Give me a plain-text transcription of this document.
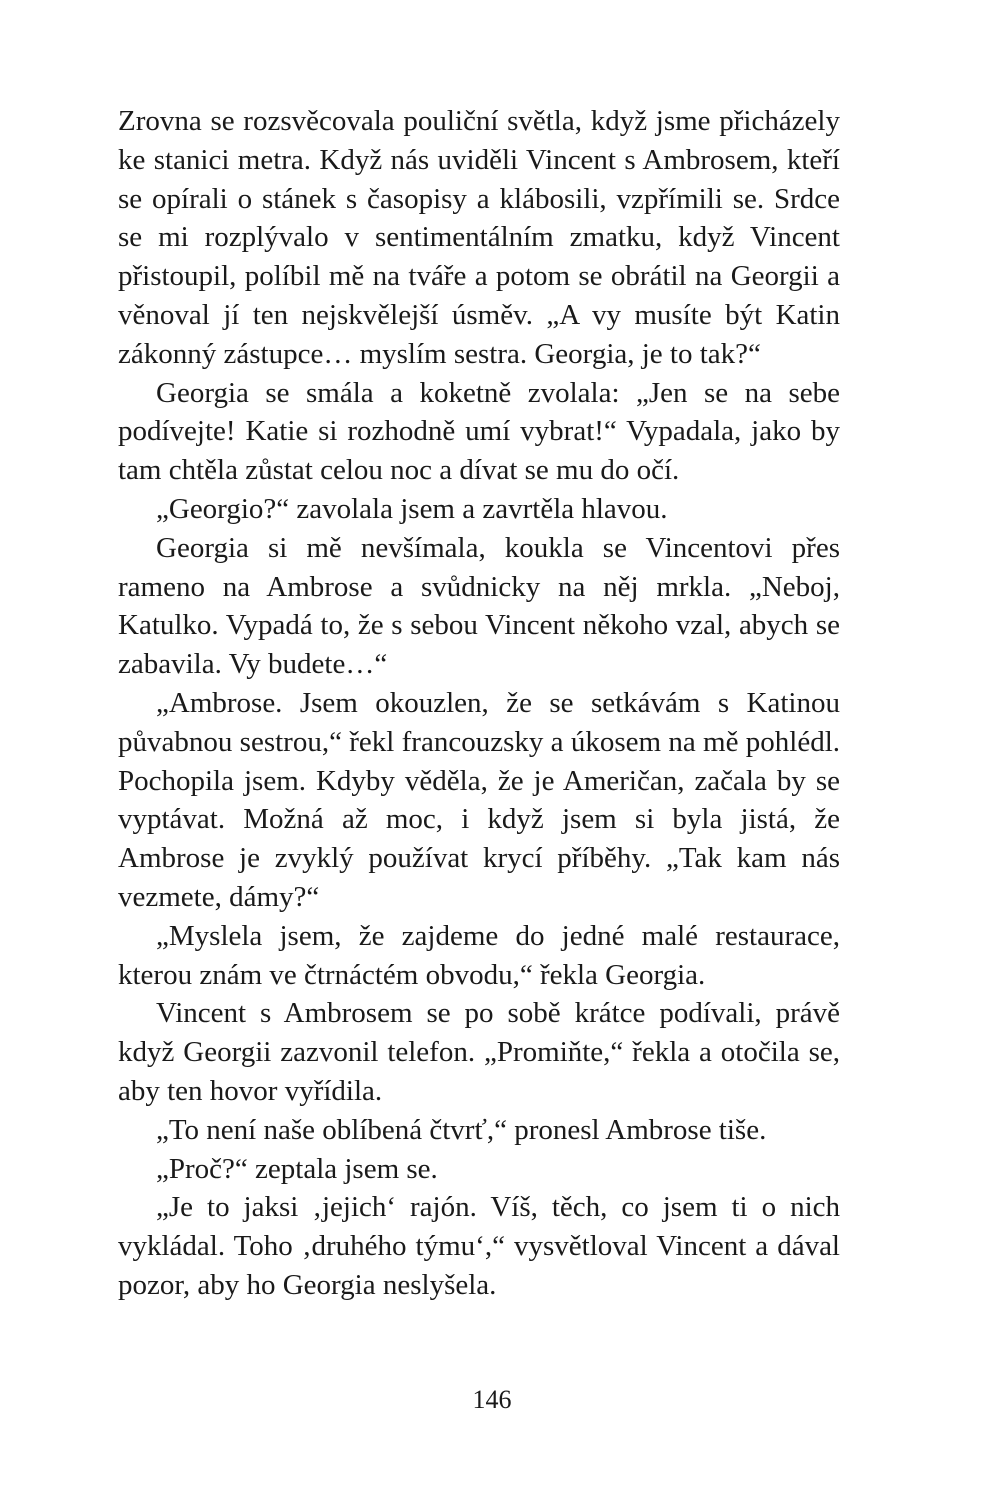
Zrovna se rozsvěcovala pouliční světla, když jsme přicházely ke stanici metra. Když nás uviděli Vincent s Ambrosem, kteří se opírali o stánek s časopisy a klábosili, vzpřímili se. Srdce se mi rozplývalo v sentimentálním zmatku, když Vincent přistoupil, políbil mě na tváře a potom se obrátil na Georgii a věnoval jí ten nejskvělejší úsměv. „A vy musíte být Katin zákonný zástupce… myslím sestra. Georgia, je to tak?“

Georgia se smála a koketně zvolala: „Jen se na sebe podívejte! Katie si rozhodně umí vybrat!“ Vypadala, jako by tam chtěla zůstat celou noc a dívat se mu do očí.

„Georgio?“ zavolala jsem a zavrtěla hlavou.

Georgia si mě nevšímala, koukla se Vincentovi přes rameno na Ambrose a svůdnicky na něj mrkla. „Neboj, Katulko. Vypadá to, že s sebou Vincent někoho vzal, abych se zabavila. Vy budete…“

„Ambrose. Jsem okouzlen, že se setkávám s Katinou půvabnou sestrou,“ řekl francouzsky a úkosem na mě pohlédl. Pochopila jsem. Kdyby věděla, že je Američan, začala by se vyptávat. Možná až moc, i když jsem si byla jistá, že Ambrose je zvyklý používat krycí příběhy. „Tak kam nás vezmete, dámy?“

„Myslela jsem, že zajdeme do jedné malé restaurace, kterou znám ve čtrnáctém obvodu,“ řekla Georgia.

Vincent s Ambrosem se po sobě krátce podívali, právě když Georgii zazvonil telefon. „Promiňte,“ řekla a otočila se, aby ten hovor vyřídila.

„To není naše oblíbená čtvrť,“ pronesl Ambrose tiše.

„Proč?“ zeptala jsem se.

„Je to jaksi ‚jejich‘ rajón. Víš, těch, co jsem ti o nich vykládal. Toho ‚druhého týmu‘,“ vysvětloval Vincent a dával pozor, aby ho Georgia neslyšela.

146
